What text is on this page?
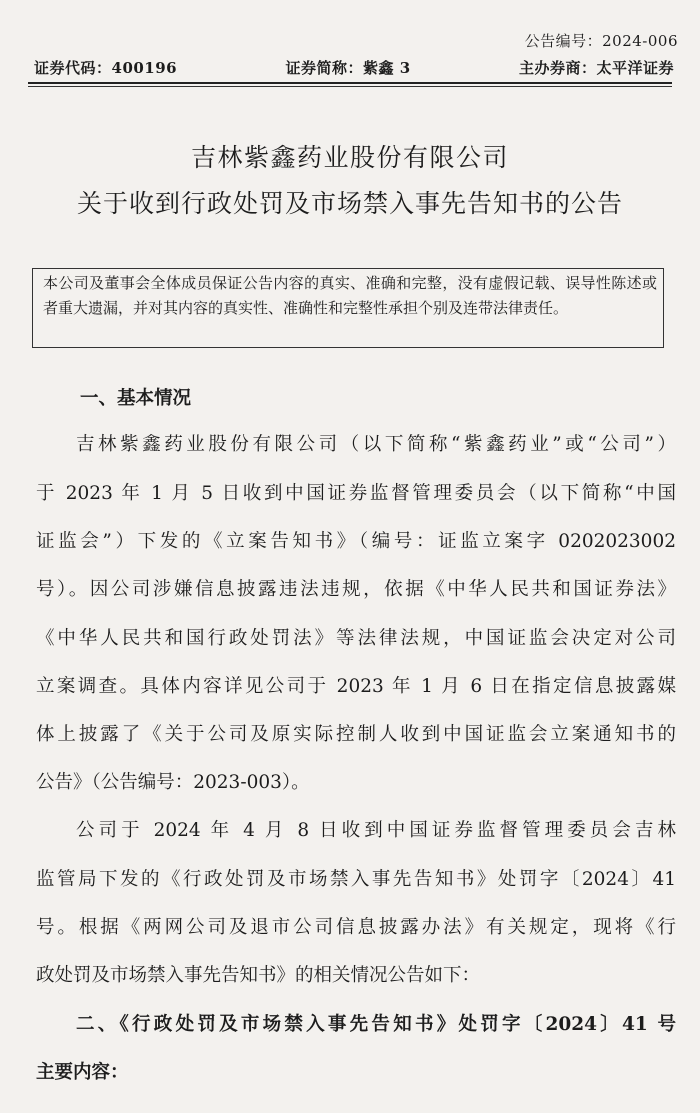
公告编号：2024-006
证券代码：400196	证券简称：紫鑫 3	主办券商：太平洋证券
吉林紫鑫药业股份有限公司
关于收到行政处罚及市场禁入事先告知书的公告
本公司及董事会全体成员保证公告内容的真实、准确和完整，没有虚假记载、误导性陈述或者重大遗漏，并对其内容的真实性、准确性和完整性承担个别及连带法律责任。
一、基本情况
吉林紫鑫药业股份有限公司（以下简称“紫鑫药业”或“公司”）
于 2023 年 1 月 5 日收到中国证券监督管理委员会（以下简称“中国
证监会”）下发的《立案告知书》（编号：证监立案字 0202023002
号）。因公司涉嫌信息披露违法违规，依据《中华人民共和国证券法》
《中华人民共和国行政处罚法》等法律法规，中国证监会决定对公司
立案调查。具体内容详见公司于 2023 年 1 月 6 日在指定信息披露媒
体上披露了《关于公司及原实际控制人收到中国证监会立案通知书的
公告》（公告编号：2023-003）。
公司于 2024 年 4 月 8 日收到中国证券监督管理委员会吉林
监管局下发的《行政处罚及市场禁入事先告知书》处罚字〔2024〕41
号。根据《两网公司及退市公司信息披露办法》有关规定，现将《行
政处罚及市场禁入事先告知书》的相关情况公告如下：
二、《行政处罚及市场禁入事先告知书》处罚字〔2024〕41 号
主要内容：
